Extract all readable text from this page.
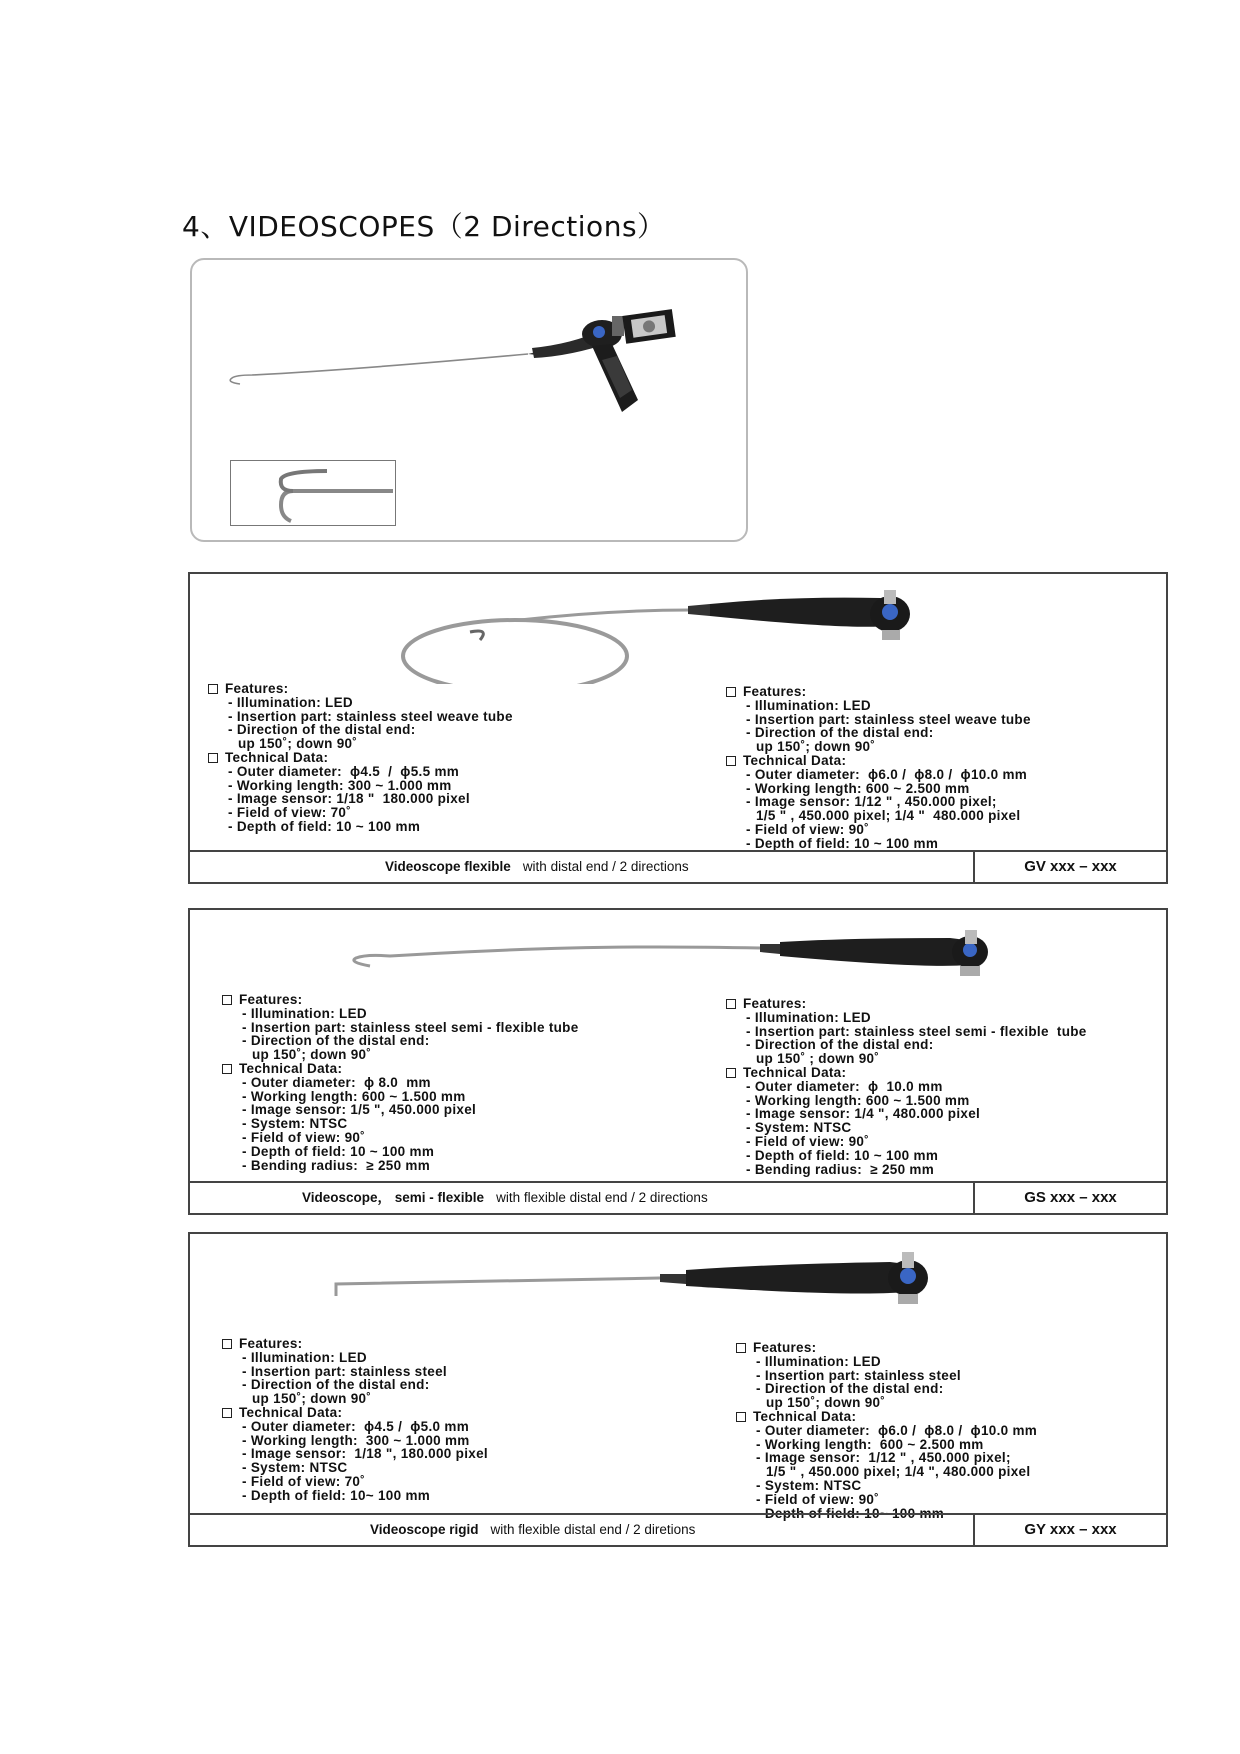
4、VIDEOSCOPES（2 Directions）
Features:
- Illumination: LED
- Insertion part: stainless steel weave tube
- Direction of the distal end:
up 150˚; down 90˚
Technical Data:
- Outer diameter:  ϕ4.5  /  ϕ5.5 mm
- Working length: 300 ~ 1.000 mm
- Image sensor: 1/18 "  180.000 pixel
- Field of view: 70˚
- Depth of field: 10 ~ 100 mm
Features:
- Illumination: LED
- Insertion part: stainless steel weave tube
- Direction of the distal end:
up 150˚; down 90˚
Technical Data:
- Outer diameter:  ϕ6.0 /  ϕ8.0 /  ϕ10.0 mm
- Working length: 600 ~ 2.500 mm
- Image sensor: 1/12 " , 450.000 pixel;
1/5 " , 450.000 pixel; 1/4 "  480.000 pixel
- Field of view: 90˚
- Depth of field: 10 ~ 100 mm
Videoscope flexible with distal end / 2 directions	GV xxx – xxx
Features:
- Illumination: LED
- Insertion part: stainless steel semi - flexible tube
- Direction of the distal end:
up 150˚; down 90˚
Technical Data:
- Outer diameter:  ϕ 8.0  mm
- Working length: 600 ~ 1.500 mm
- Image sensor: 1/5 ", 450.000 pixel
- System: NTSC
- Field of view: 90˚
- Depth of field: 10 ~ 100 mm
- Bending radius:  ≥ 250 mm
Features:
- Illumination: LED
- Insertion part: stainless steel semi - flexible  tube
- Direction of the distal end:
up 150˚ ; down 90˚
Technical Data:
- Outer diameter:  ϕ  10.0 mm
- Working length: 600 ~ 1.500 mm
- Image sensor: 1/4 ", 480.000 pixel
- System: NTSC
- Field of view: 90˚
- Depth of field: 10 ~ 100 mm
- Bending radius:  ≥ 250 mm
Videoscope， semi - flexible with flexible distal end / 2 directions	GS xxx – xxx
Features:
- Illumination: LED
- Insertion part: stainless steel
- Direction of the distal end:
up 150˚; down 90˚
Technical Data:
- Outer diameter:  ϕ4.5 /  ϕ5.0 mm
- Working length:  300 ~ 1.000 mm
- Image sensor:  1/18 ", 180.000 pixel
- System: NTSC
- Field of view: 70˚
- Depth of field: 10~ 100 mm
Features:
- Illumination: LED
- Insertion part: stainless steel
- Direction of the distal end:
up 150˚; down 90˚
Technical Data:
- Outer diameter:  ϕ6.0 /  ϕ8.0 /  ϕ10.0 mm
- Working length:  600 ~ 2.500 mm
- Image sensor:  1/12 " , 450.000 pixel;
1/5 " , 450.000 pixel; 1/4 ", 480.000 pixel
- System: NTSC
- Field of view: 90˚
- Depth of field: 10~ 100 mm
Videoscope rigid with flexible distal end / 2 diretions	GY xxx – xxx
